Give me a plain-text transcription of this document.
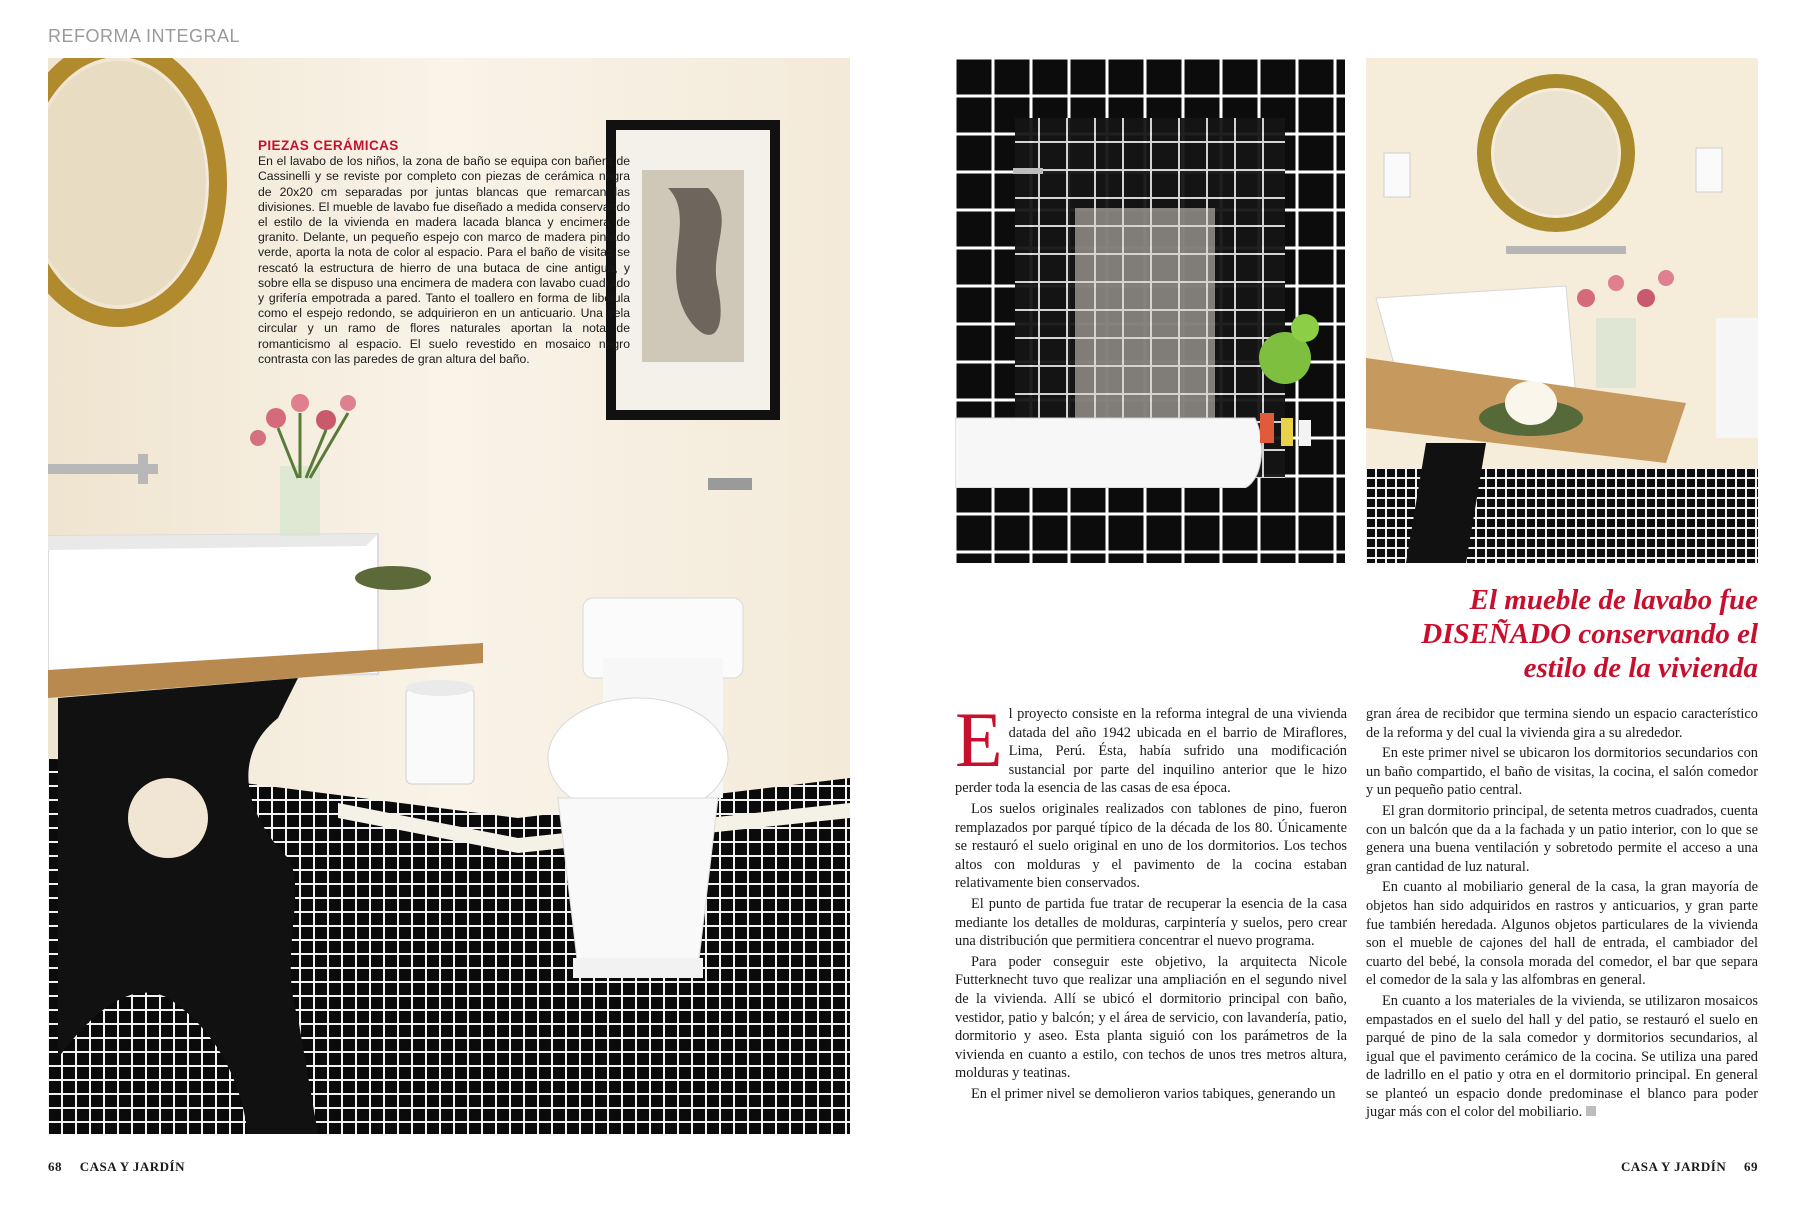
REFORMA INTEGRAL
PIEZAS CERÁMICAS
En el lavabo de los niños, la zona de baño se equipa con bañera de Cassinelli y se reviste por completo con piezas de cerámica negra de 20x20 cm separadas por juntas blancas que remarcan las divisiones. El mueble de lavabo fue diseñado a medida conservando el estilo de la vivienda en madera lacada blanca y encimera de granito. Delante, un pequeño espejo con marco de madera pintado verde, aporta la nota de color al espacio. Para el baño de visitas se rescató la estructura de hierro de una butaca de cine antigua, y sobre ella se dispuso una encimera de madera con lavabo cuadrado y grifería empotrada a pared. Tanto el toallero en forma de libélula como el espejo redondo, se adquirieron en un anticuario. Una vela circular y un ramo de flores naturales aportan la nota de romanticismo al espacio. El suelo revestido en mosaico negro contrasta con las paredes de gran altura del baño.
El mueble de lavabo fue
DISEÑADO conservando el
estilo de la vivienda

El proyecto consiste en la reforma integral de una vivienda datada del año 1942 ubicada en el barrio de Miraflores, Lima, Perú. Ésta, había sufrido una modificación sustancial por parte del inquilino anterior que le hizo perder toda la esencia de las casas de esa época.

Los suelos originales realizados con tablones de pino, fueron remplazados por parqué típico de la década de los 80. Únicamente se restauró el suelo original en uno de los dormitorios. Los techos altos con molduras y el pavimento de la cocina estaban relativamente bien conservados.

El punto de partida fue tratar de recuperar la esencia de la casa mediante los detalles de molduras, carpintería y suelos, pero crear una distribución que permitiera concentrar el nuevo programa.

Para poder conseguir este objetivo, la arquitecta Nicole Futterknecht tuvo que realizar una ampliación en el segundo nivel de la vivienda. Allí se ubicó el dormitorio principal con baño, vestidor, patio y balcón; y el área de servicio, con lavandería, patio, dormitorio y aseo. Esta planta siguió con los parámetros de la vivienda en cuanto a estilo, con techos de unos tres metros altura, molduras y teatinas.

En el primer nivel se demolieron varios tabiques, generando un

gran área de recibidor que termina siendo un espacio característico de la reforma y del cual la vivienda gira a su alrededor.

En este primer nivel se ubicaron los dormitorios secundarios con un baño compartido, el baño de visitas, la cocina, el salón comedor y un pequeño patio central.

El gran dormitorio principal, de setenta metros cuadrados, cuenta con un balcón que da a la fachada y un patio interior, con lo que se genera una buena ventilación y sobretodo permite el acceso a una gran cantidad de luz natural.

En cuanto al mobiliario general de la casa, la gran mayoría de objetos han sido adquiridos en rastros y anticuarios, y gran parte fue también heredada. Algunos objetos particulares de la vivienda son el mueble de cajones del hall de entrada, el cambiador del cuarto del bebé, la consola morada del comedor, el bar que separa el comedor de la sala y las alfombras en general.

En cuanto a los materiales de la vivienda, se utilizaron mosaicos empastados en el suelo del hall y del patio, se restauró el suelo en parqué de pino de la sala comedor y dormitorios secundarios, al igual que el pavimento cerámico de la cocina. Se utiliza una pared de ladrillo en el patio y otra en el dormitorio principal. En general se planteó un espacio donde predominase el blanco para poder jugar más con el color del mobiliario.

68 CASA Y JARDÍN	CASA Y JARDÍN 69
